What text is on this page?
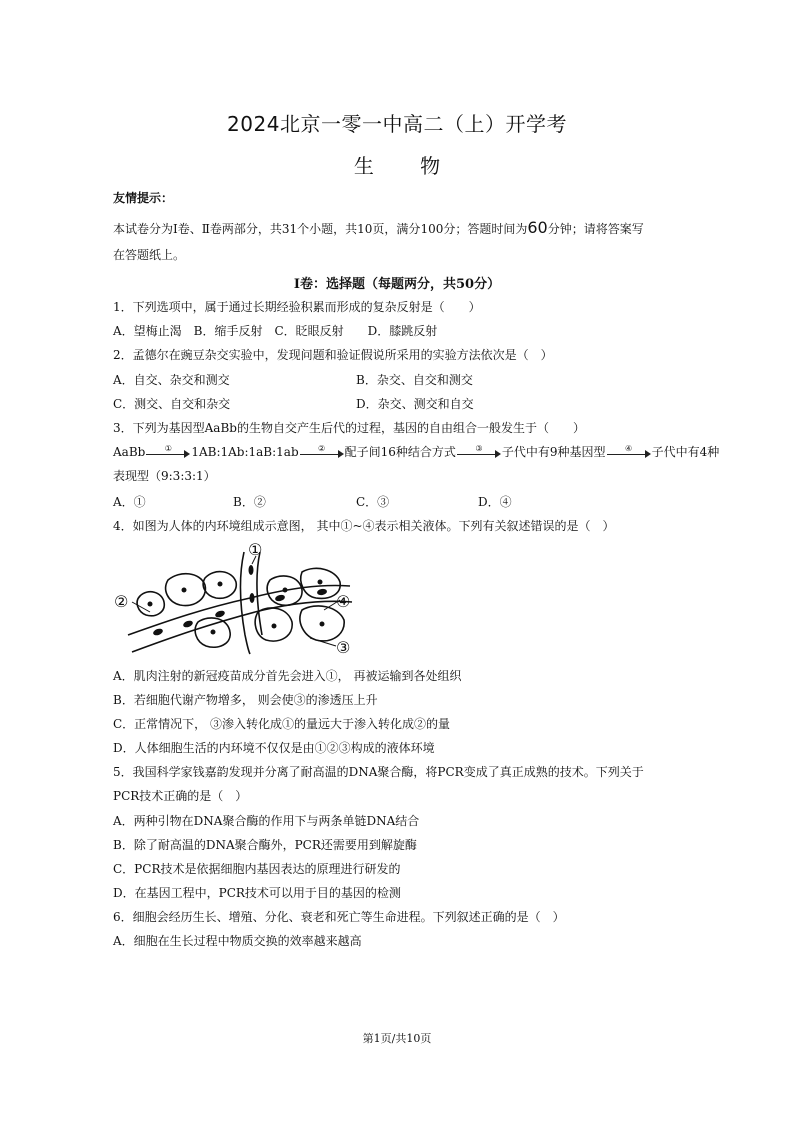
2024北京一零一中高二（上）开学考
生 物
友情提示：
本试卷分为Ⅰ卷、Ⅱ卷两部分，共31个小题，共10页，满分100分；答题时间为60分钟；请将答案写
在答题纸上。
Ⅰ卷：选择题（每题两分，共50分）
1．下列选项中，属于通过长期经验积累而形成的复杂反射是（　　）
A．望梅止渴　B．缩手反射　C．眨眼反射　　D．膝跳反射
2．孟德尔在豌豆杂交实验中，发现问题和验证假说所采用的实验方法依次是（　）
A．自交、杂交和测交	B．杂交、自交和测交
C．测交、自交和杂交	D．杂交、测交和自交
3．下列为基因型AaBb的生物自交产生后代的过程，基因的自由组合一般发生于（　　）
AaBb	①	1AB:1Ab:1aB:1ab	②	配子间16种结合方式	③	子代中有9种基因型	④	子代中有4种
表现型（9:3:3:1）
A．①	B．②	C．③	D．④
4．如图为人体的内环境组成示意图， 其中①~④表示相关液体。下列有关叙述错误的是（　）
①
②
③
④
A．肌肉注射的新冠疫苗成分首先会进入①， 再被运输到各处组织
B．若细胞代谢产物增多， 则会使③的渗透压上升
C．正常情况下， ③渗入转化成①的量远大于渗入转化成②的量
D．人体细胞生活的内环境不仅仅是由①②③构成的液体环境
5．我国科学家钱嘉韵发现并分离了耐高温的DNA聚合酶，将PCR变成了真正成熟的技术。下列关于
PCR技术正确的是（　）
A．两种引物在DNA聚合酶的作用下与两条单链DNA结合
B．除了耐高温的DNA聚合酶外，PCR还需要用到解旋酶
C．PCR技术是依据细胞内基因表达的原理进行研发的
D．在基因工程中，PCR技术可以用于目的基因的检测
6．细胞会经历生长、增殖、分化、衰老和死亡等生命进程。下列叙述正确的是（　）
A．细胞在生长过程中物质交换的效率越来越高
第1页/共10页
